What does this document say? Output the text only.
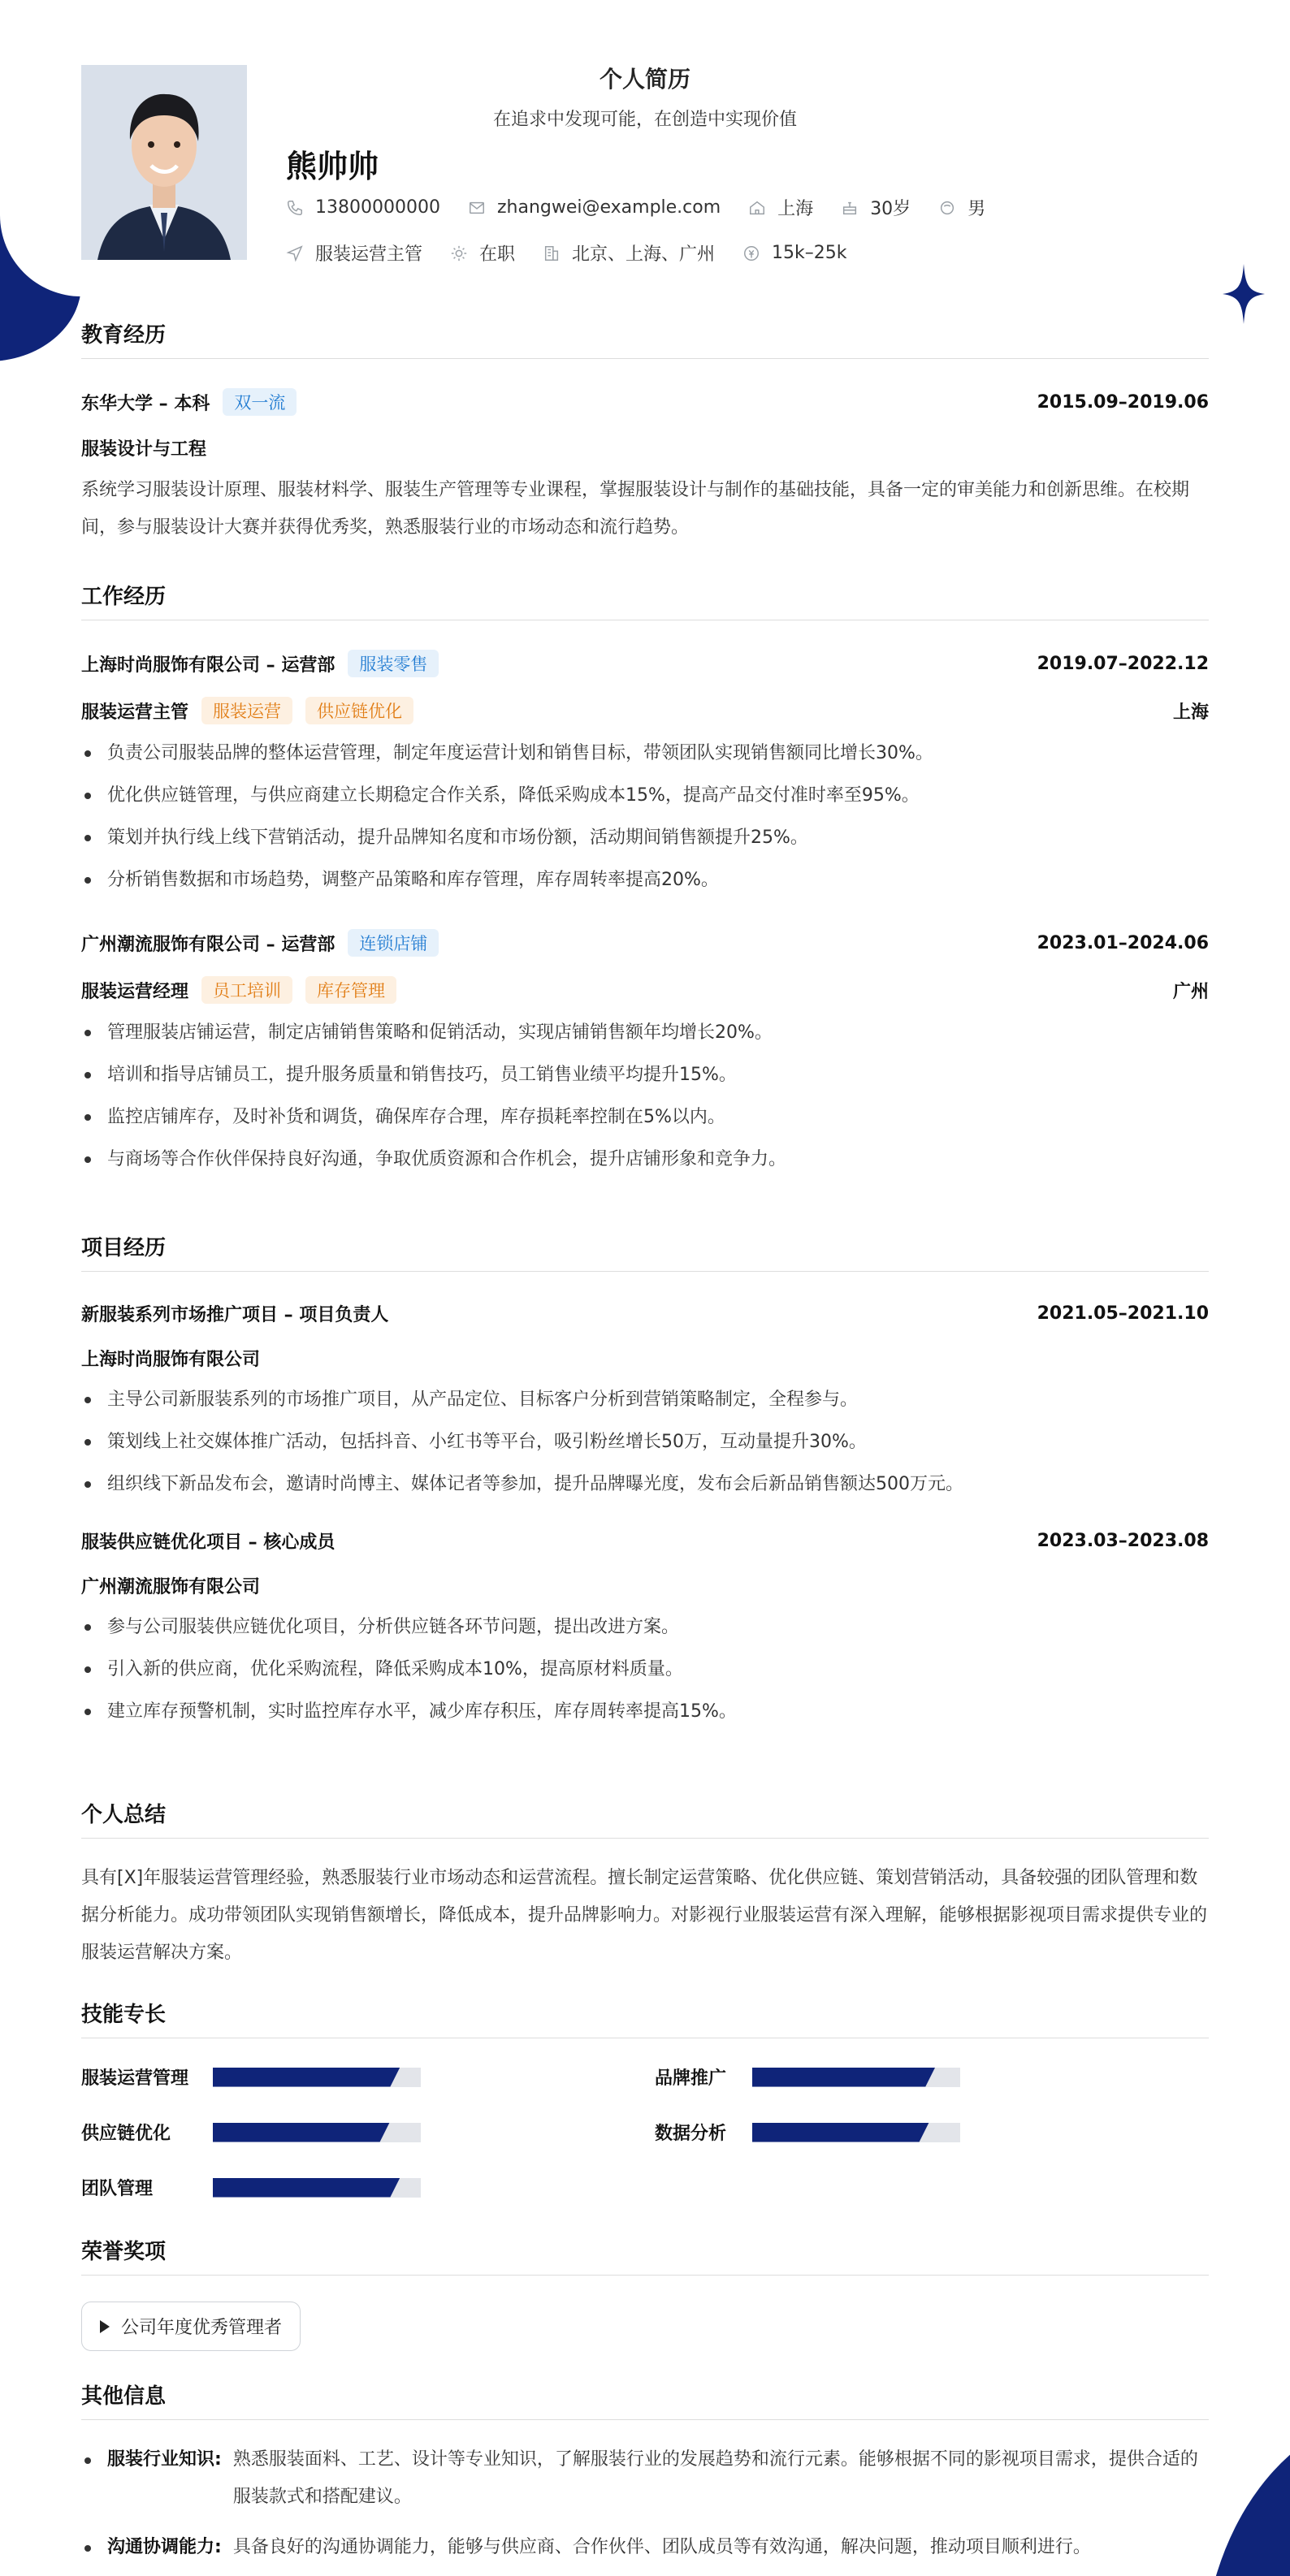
个人简历
在追求中发现可能，在创造中实现价值
熊帅帅
13800000000	zhangwei@example.com	上海	30岁	男
服装运营主管	在职	北京、上海、广州	15k–25k
教育经历
东华大学 – 本科	双一流	2015.09–2019.06
服装设计与工程
系统学习服装设计原理、服装材料学、服装生产管理等专业课程，掌握服装设计与制作的基础技能，具备一定的审美能力和创新思维。在校期间，参与服装设计大赛并获得优秀奖，熟悉服装行业的市场动态和流行趋势。
工作经历
上海时尚服饰有限公司 – 运营部	服装零售	2019.07–2022.12
服装运营主管	服装运营	供应链优化	上海
负责公司服装品牌的整体运营管理，制定年度运营计划和销售目标，带领团队实现销售额同比增长30%。
优化供应链管理，与供应商建立长期稳定合作关系，降低采购成本15%，提高产品交付准时率至95%。
策划并执行线上线下营销活动，提升品牌知名度和市场份额，活动期间销售额提升25%。
分析销售数据和市场趋势，调整产品策略和库存管理，库存周转率提高20%。
广州潮流服饰有限公司 – 运营部	连锁店铺	2023.01–2024.06
服装运营经理	员工培训	库存管理	广州
管理服装店铺运营，制定店铺销售策略和促销活动，实现店铺销售额年均增长20%。
培训和指导店铺员工，提升服务质量和销售技巧，员工销售业绩平均提升15%。
监控店铺库存，及时补货和调货，确保库存合理，库存损耗率控制在5%以内。
与商场等合作伙伴保持良好沟通，争取优质资源和合作机会，提升店铺形象和竞争力。
项目经历
新服装系列市场推广项目 – 项目负责人	2021.05–2021.10
上海时尚服饰有限公司
主导公司新服装系列的市场推广项目，从产品定位、目标客户分析到营销策略制定，全程参与。
策划线上社交媒体推广活动，包括抖音、小红书等平台，吸引粉丝增长50万，互动量提升30%。
组织线下新品发布会，邀请时尚博主、媒体记者等参加，提升品牌曝光度，发布会后新品销售额达500万元。
服装供应链优化项目 – 核心成员	2023.03–2023.08
广州潮流服饰有限公司
参与公司服装供应链优化项目，分析供应链各环节问题，提出改进方案。
引入新的供应商，优化采购流程，降低采购成本10%，提高原材料质量。
建立库存预警机制，实时监控库存水平，减少库存积压，库存周转率提高15%。
个人总结
具有[X]年服装运营管理经验，熟悉服装行业市场动态和运营流程。擅长制定运营策略、优化供应链、策划营销活动，具备较强的团队管理和数据分析能力。成功带领团队实现销售额增长，降低成本，提升品牌影响力。对影视行业服装运营有深入理解，能够根据影视项目需求提供专业的服装运营解决方案。
技能专长
服装运营管理	品牌推广
供应链优化	数据分析
团队管理
荣誉奖项
公司年度优秀管理者
其他信息
服装行业知识: 熟悉服装面料、工艺、设计等专业知识，了解服装行业的发展趋势和流行元素。能够根据不同的影视项目需求，提供合适的服装款式和搭配建议。
沟通协调能力: 具备良好的沟通协调能力，能够与供应商、合作伙伴、团队成员等有效沟通，解决问题，推动项目顺利进行。
